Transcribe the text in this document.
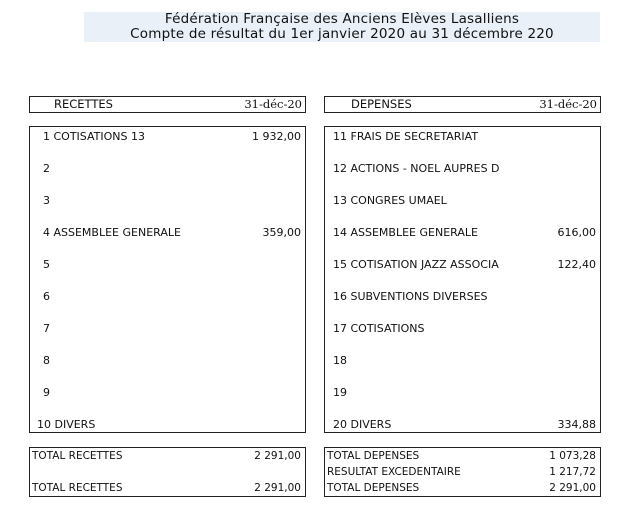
Fédération Française des Anciens Elèves Lasalliens
Compte de résultat du 1er janvier 2020 au 31 décembre 220
RECETTES	31-déc-20	DEPENSES	31-déc-20
1 COTISATIONS 13	1 932,00
2
3
4 ASSEMBLEE GENERALE	359,00
5
6
7
8
9
10 DIVERS
11 FRAIS DE SECRETARIAT
12 ACTIONS - NOEL AUPRES D
13 CONGRES UMAEL
14 ASSEMBLEE GENERALE	616,00
15 COTISATION JAZZ ASSOCIA	122,40
16 SUBVENTIONS DIVERSES
17 COTISATIONS
18
19
20 DIVERS	334,88
TOTAL RECETTES	2 291,00
TOTAL RECETTES	2 291,00
TOTAL DEPENSES	1 073,28
RESULTAT EXCEDENTAIRE	1 217,72
TOTAL DEPENSES	2 291,00
